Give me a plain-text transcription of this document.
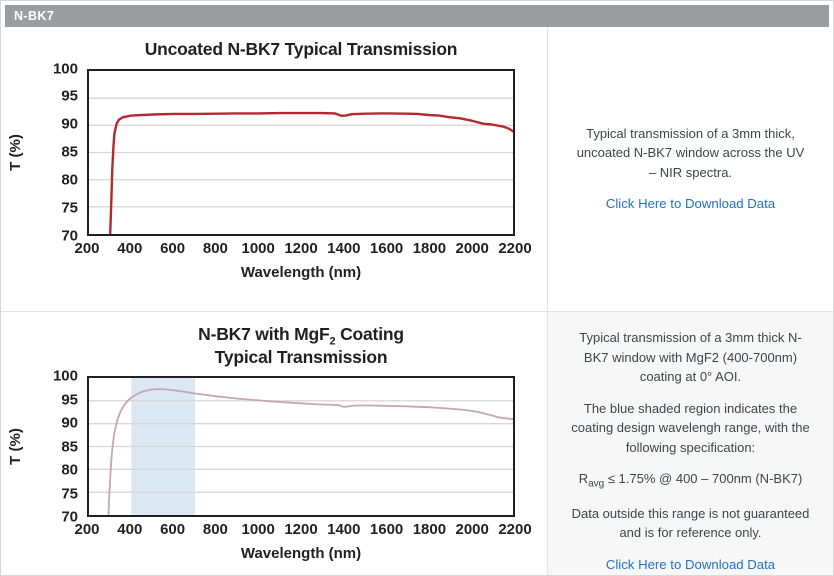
N-BK7
Uncoated N-BK7 Typical Transmission
T (%)
100
95
90
85
80
75
70
200 400 600 800 1000 1200 1400 1600 1800 2000 2200
Wavelength (nm)

Typical transmission of a 3mm thick, uncoated N-BK7 window across the UV – NIR spectra.

Click Here to Download Data
N-BK7 with MgF$_2$ Coating
Typical Transmission
T (%)
100
95
90
85
80
75
70
200 400 600 800 1000 1200 1400 1600 1800 2000 2200
Wavelength (nm)

Typical transmission of a 3mm thick N-BK7 window with MgF2 (400-700nm) coating at 0° AOI.

The blue shaded region indicates the coating design wavelengh range, with the following specification:

$R_{avg} \le 1.75\%$ @ 400 – 700nm (N-BK7)

Data outside this range is not guaranteed and is for reference only.

Click Here to Download Data
